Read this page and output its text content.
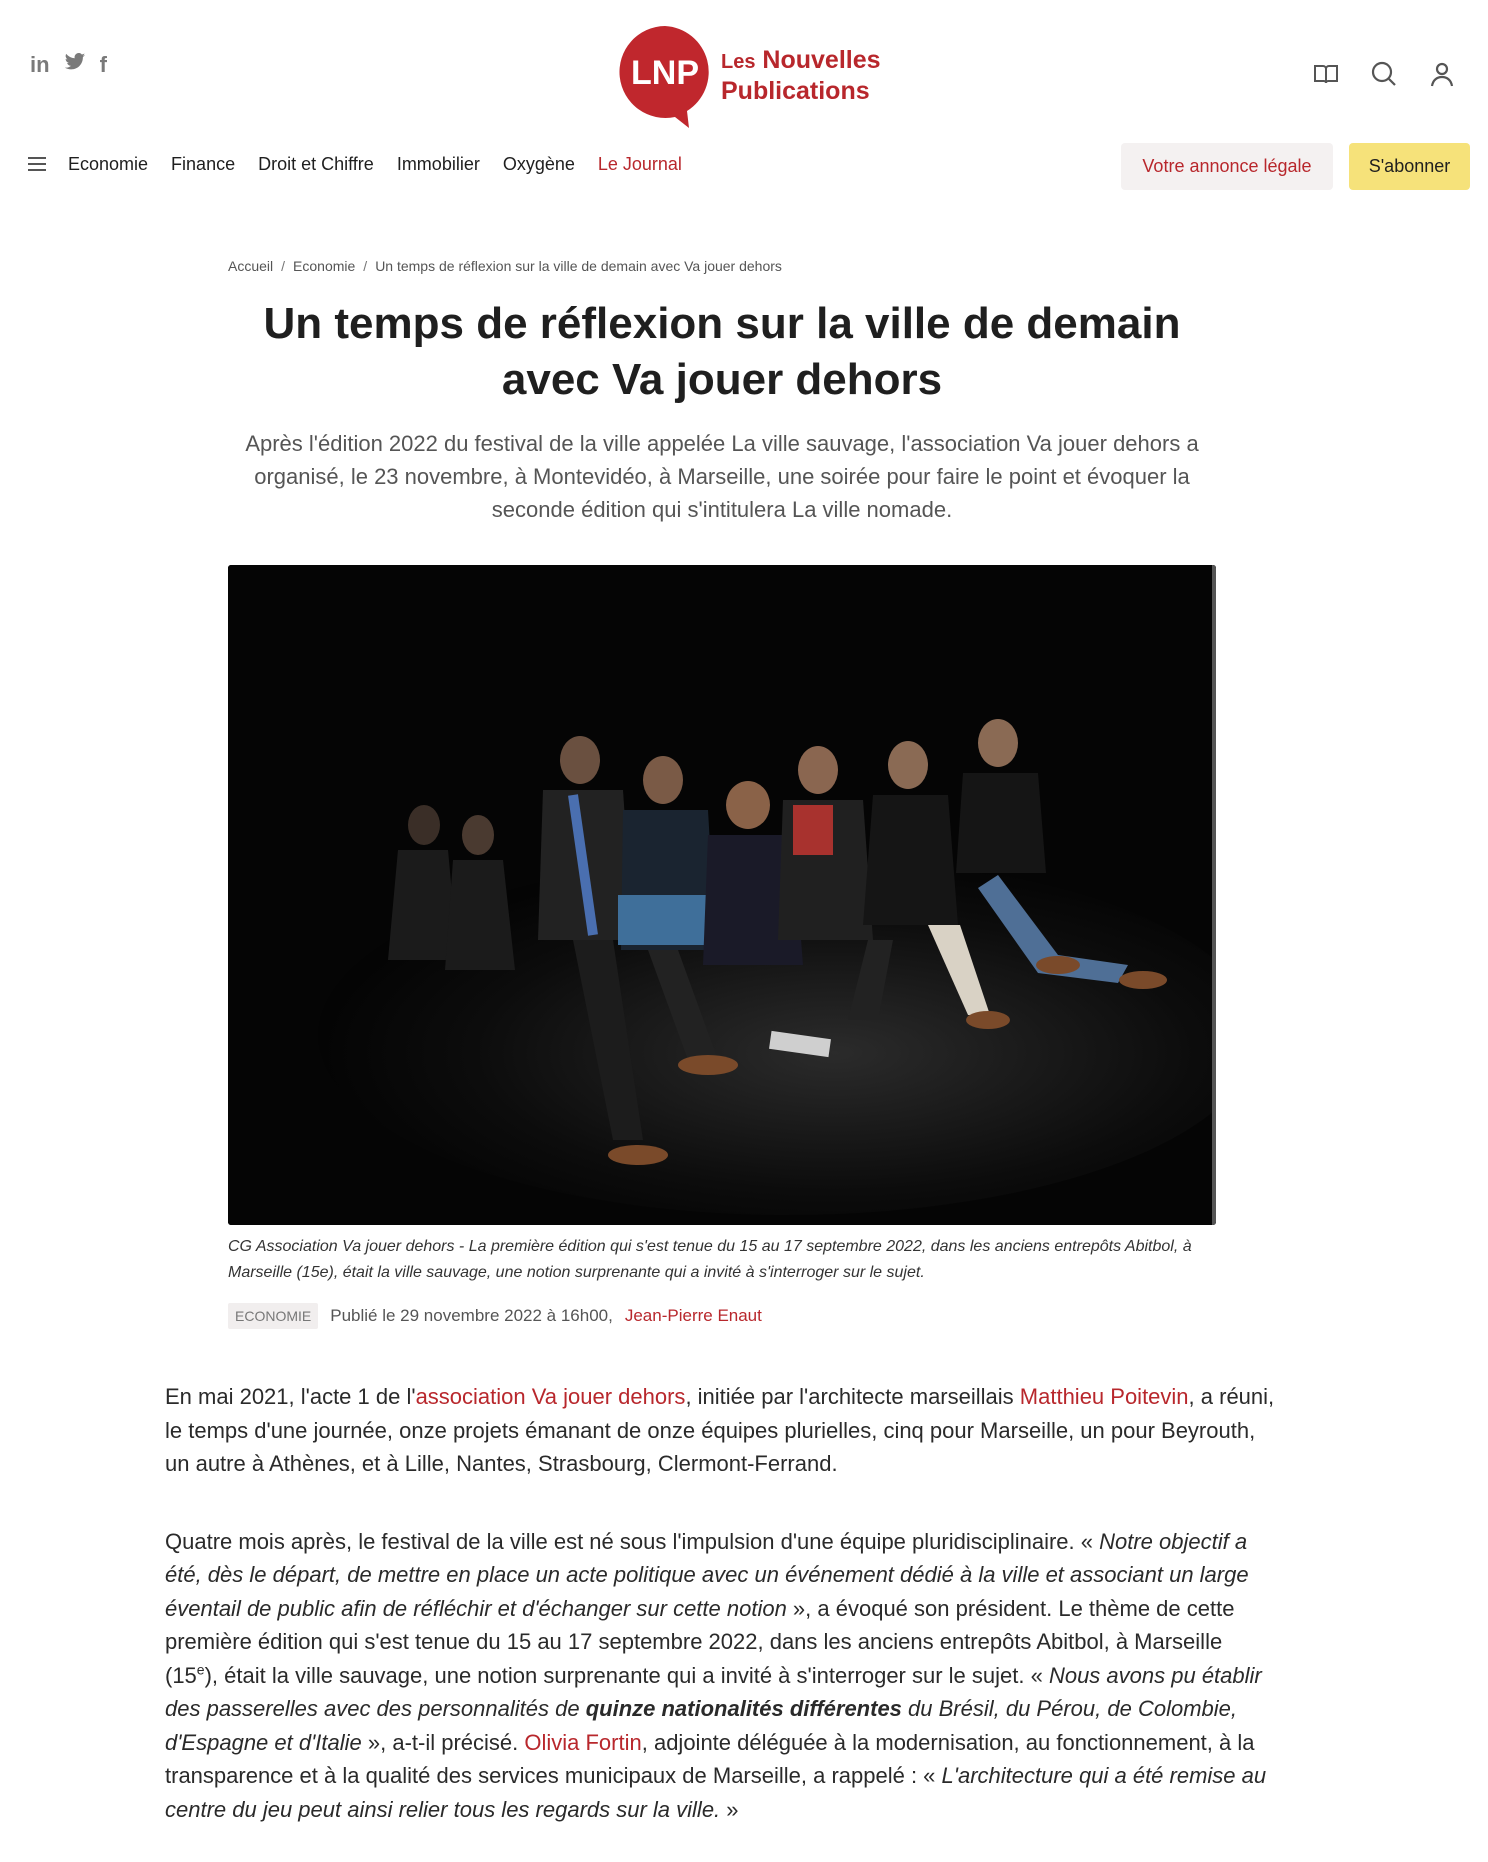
in f	LNP Les Nouvelles
Publications
Economie Finance Droit et Chiffre Immobilier Oxygène Le Journal	Votre annonce légale	S'abonner
Accueil / Economie / Un temps de réflexion sur la ville de demain avec Va jouer dehors
Un temps de réflexion sur la ville de demain avec Va jouer dehors

Après l'édition 2022 du festival de la ville appelée La ville sauvage, l'association Va jouer dehors a organisé, le 23 novembre, à Montevidéo, à Marseille, une soirée pour faire le point et évoquer la seconde édition qui s'intitulera La ville nomade.

CG Association Va jouer dehors - La première édition qui s'est tenue du 15 au 17 septembre 2022, dans les anciens entrepôts Abitbol, à Marseille (15e), était la ville sauvage, une notion surprenante qui a invité à s'interroger sur le sujet.

ECONOMIE	Publié le 29 novembre 2022 à 16h00, Jean-Pierre Enaut

En mai 2021, l'acte 1 de l'association Va jouer dehors, initiée par l'architecte marseillais Matthieu Poitevin, a réuni, le temps d'une journée, onze projets émanant de onze équipes plurielles, cinq pour Marseille, un pour Beyrouth, un autre à Athènes, et à Lille, Nantes, Strasbourg, Clermont-Ferrand.

Quatre mois après, le festival de la ville est né sous l'impulsion d'une équipe pluridisciplinaire. « Notre objectif a été, dès le départ, de mettre en place un acte politique avec un événement dédié à la ville et associant un large éventail de public afin de réfléchir et d'échanger sur cette notion », a évoqué son président. Le thème de cette première édition qui s'est tenue du 15 au 17 septembre 2022, dans les anciens entrepôts Abitbol, à Marseille (15e), était la ville sauvage, une notion surprenante qui a invité à s'interroger sur le sujet. « Nous avons pu établir des passerelles avec des personnalités de quinze nationalités différentes du Brésil, du Pérou, de Colombie, d'Espagne et d'Italie », a-t-il précisé. Olivia Fortin, adjointe déléguée à la modernisation, au fonctionnement, à la transparence et à la qualité des services municipaux de Marseille, a rappelé : « L'architecture qui a été remise au centre du jeu peut ainsi relier tous les regards sur la ville. »
